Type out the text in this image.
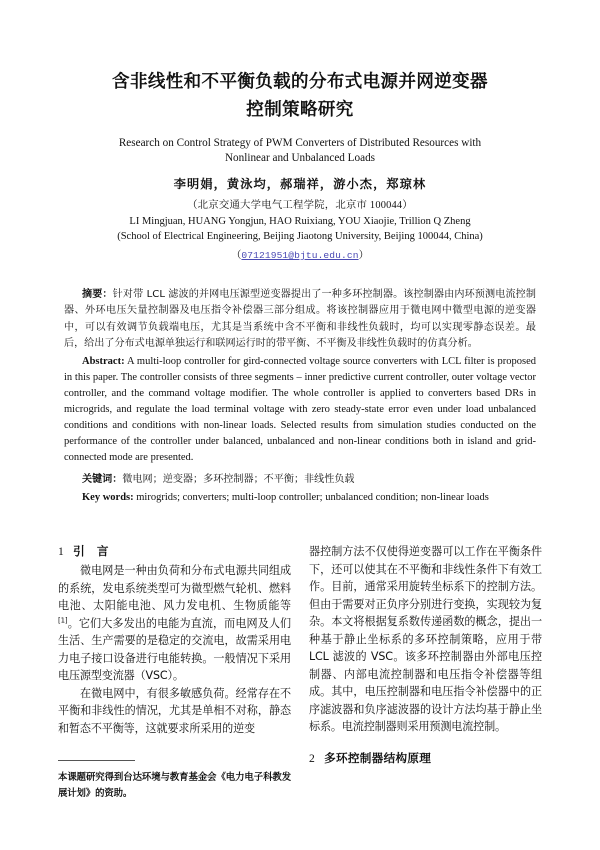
含非线性和不平衡负载的分布式电源并网逆变器
控制策略研究
Research on Control Strategy of PWM Converters of Distributed Resources with
Nonlinear and Unbalanced Loads
李明娟，黄泳均，郝瑞祥，游小杰，郑琼林
（北京交通大学电气工程学院，北京市 100044）
LI Mingjuan, HUANG Yongjun, HAO Ruixiang, YOU Xiaojie, Trillion Q Zheng
(School of Electrical Engineering, Beijing Jiaotong University, Beijing 100044, China)
（07121951@bjtu.edu.cn）

摘要：针对带 LCL 滤波的并网电压源型逆变器提出了一种多环控制器。该控制器由内环预测电流控制器、外环电压矢量控制器及电压指令补偿器三部分组成。将该控制器应用于微电网中微型电源的逆变器中，可以有效调节负载端电压，尤其是当系统中含不平衡和非线性负载时，均可以实现零静态误差。最后，给出了分布式电源单独运行和联网运行时的带平衡、不平衡及非线性负载时的仿真分析。

Abstract: A multi-loop controller for gird-connected voltage source converters with LCL filter is proposed in this paper. The controller consists of three segments – inner predictive current controller, outer voltage vector controller, and the command voltage modifier. The whole controller is applied to converters based DRs in microgrids, and regulate the load terminal voltage with zero steady-state error even under load unbalanced conditions and conditions with non-linear loads. Selected results from simulation studies conducted on the performance of the controller under balanced, unbalanced and non-linear conditions both in island and grid-connected mode are presented.

关键词：微电网；逆变器；多环控制器；不平衡；非线性负载

Key words: mirogrids; converters; multi-loop controller; unbalanced condition; non-linear loads

1 引　言

微电网是一种由负荷和分布式电源共同组成的系统，发电系统类型可为微型燃气轮机、燃料电池、太阳能电池、风力发电机、生物质能等[1]。它们大多发出的电能为直流，而电网及人们生活、生产需要的是稳定的交流电，故需采用电力电子接口设备进行电能转换。一般情况下采用电压源型变流器（VSC）。

在微电网中，有很多敏感负荷。经常存在不平衡和非线性的情况，尤其是单相不对称，静态和暂态不平衡等，这就要求所采用的逆变

本课题研究得到台达环境与教育基金会《电力电子科教发展计划》的资助。

器控制方法不仅使得逆变器可以工作在平衡条件下，还可以使其在不平衡和非线性条件下有效工作。目前，通常采用旋转坐标系下的控制方法。但由于需要对正负序分别进行变换，实现较为复杂。本文将根据复系数传递函数的概念，提出一种基于静止坐标系的多环控制策略，应用于带 LCL 滤波的 VSC。该多环控制器由外部电压控制器、内部电流控制器和电压指令补偿器等组成。其中，电压控制器和电压指令补偿器中的正序滤波器和负序滤波器的设计方法均基于静止坐标系。电流控制器则采用预测电流控制。

2 多环控制器结构原理
